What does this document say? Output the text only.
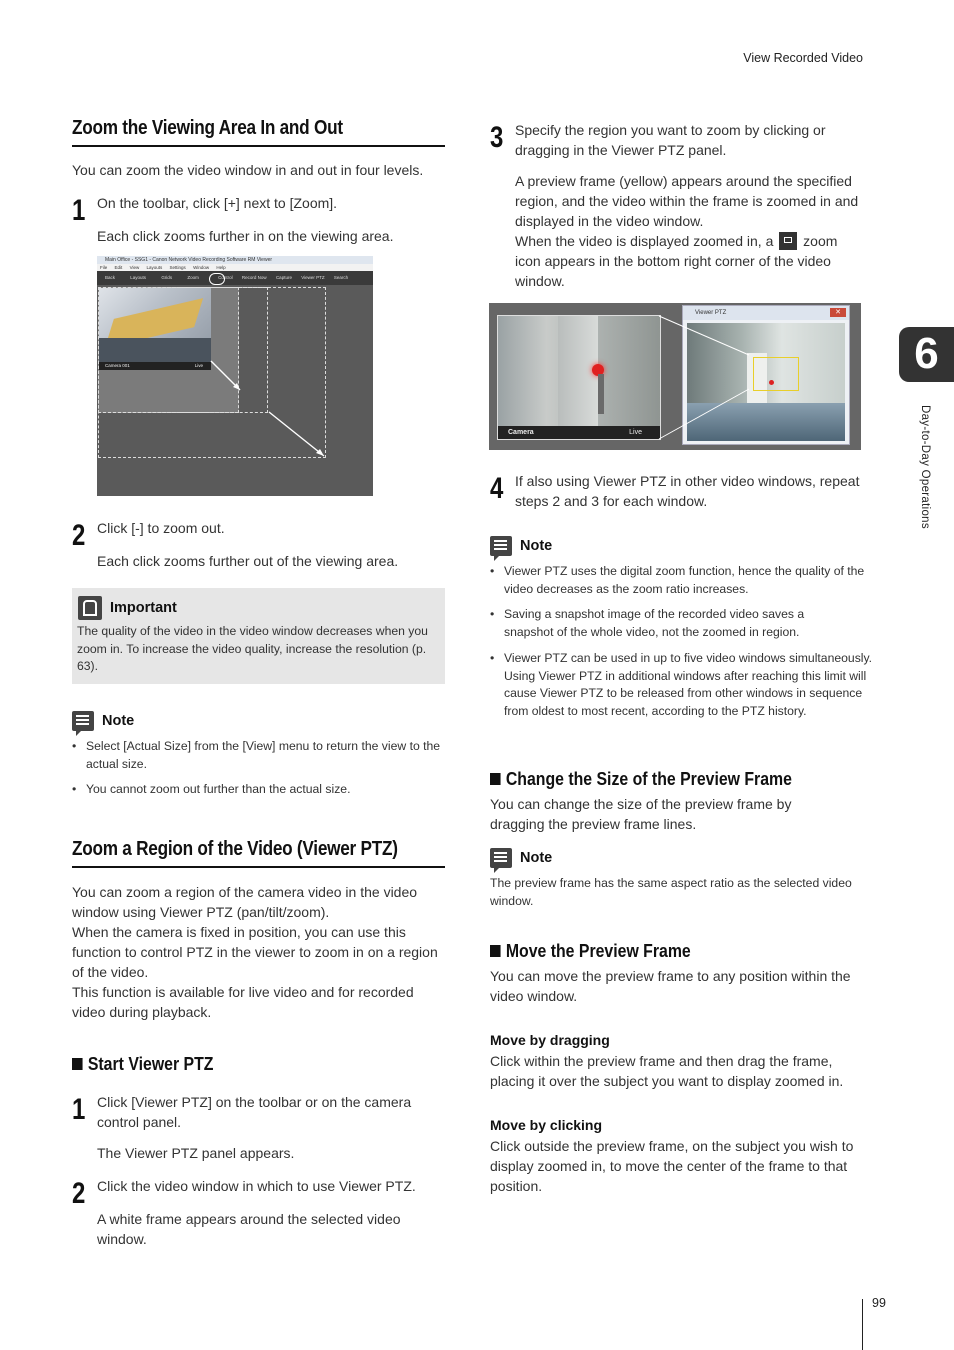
View Recorded Video
6
Day-to-Day Operations
Zoom the Viewing Area In and Out
You can zoom the video window in and out in four levels.
1 On the toolbar, click [+] next to [Zoom].
Each click zooms further in on the viewing area.
Main Office - SSG1 - Canon Network Video Recording Software RM Viewer
File Edit View Layouts Settings Window Help
Back	Layouts	Grids	Zoom	Control Record Now Capture Viewer PTZ Search
Camera 001	Live
2 Click [-] to zoom out.
Each click zooms further out of the viewing area.
Important
The quality of the video in the video window decreases when you zoom in. To increase the video quality, increase the resolution (p. 63).
Note
• Select [Actual Size] from the [View] menu to return the view to the actual size.
• You cannot zoom out further than the actual size.
Zoom a Region of the Video (Viewer PTZ)
You can zoom a region of the camera video in the video window using Viewer PTZ (pan/tilt/zoom).
When the camera is fixed in position, you can use this function to control PTZ in the viewer to zoom in on a region of the video.
This function is available for live video and for recorded video during playback.
Start Viewer PTZ
1 Click [Viewer PTZ] on the toolbar or on the camera control panel.
The Viewer PTZ panel appears.
2 Click the video window in which to use Viewer PTZ.
A white frame appears around the selected video window.
3 Specify the region you want to zoom by clicking or dragging in the Viewer PTZ panel.
A preview frame (yellow) appears around the specified region, and the video within the frame is zoomed in and displayed in the video window.
When the video is displayed zoomed in, a zoom icon appears in the bottom right corner of the video window.
Camera	Live
Viewer PTZ	✕
4 If also using Viewer PTZ in other video windows, repeat steps 2 and 3 for each window.
Note
• Viewer PTZ uses the digital zoom function, hence the quality of the video decreases as the zoom ratio increases.
• Saving a snapshot image of the recorded video saves a snapshot of the whole video, not the zoomed in region.
• Viewer PTZ can be used in up to five video windows simultaneously. Using Viewer PTZ in additional windows after reaching this limit will cause Viewer PTZ to be released from other windows in sequence from oldest to most recent, according to the PTZ history.
Change the Size of the Preview Frame
You can change the size of the preview frame by dragging the preview frame lines.
Note
The preview frame has the same aspect ratio as the selected video window.
Move the Preview Frame
You can move the preview frame to any position within the video window.
Move by dragging
Click within the preview frame and then drag the frame, placing it over the subject you want to display zoomed in.
Move by clicking
Click outside the preview frame, on the subject you wish to display zoomed in, to move the center of the frame to that position.
99
